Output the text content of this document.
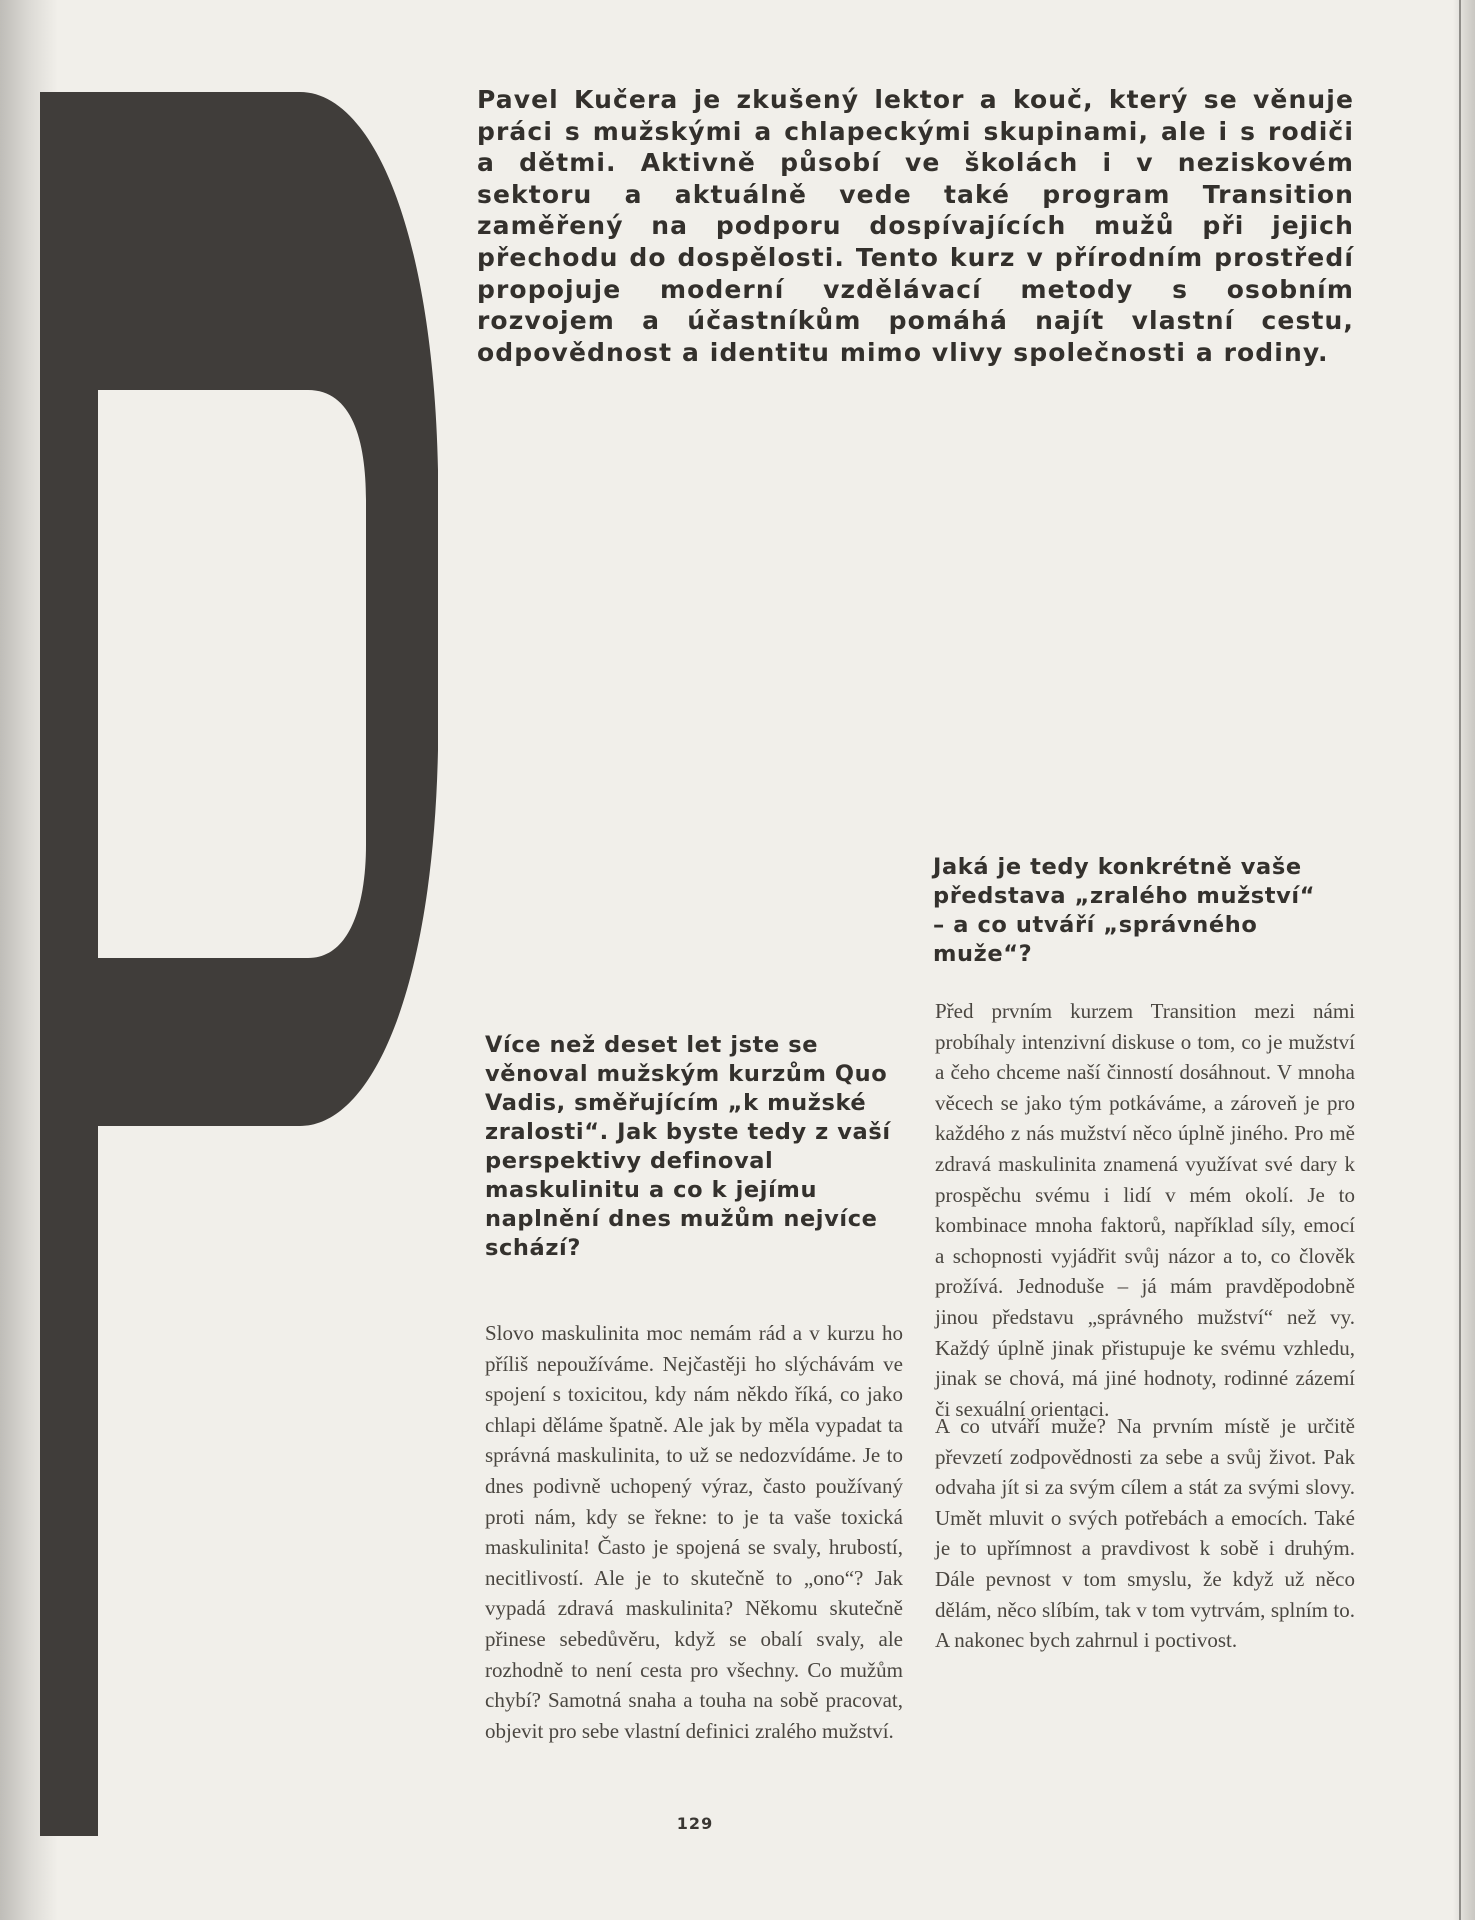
Pavel Kučera je zkušený lektor a kouč, který se věnuje práci s mužskými a chlapeckými skupinami, ale i s rodiči a dětmi. Aktivně působí ve školách i v neziskovém sektoru a aktuálně vede také program Transition zaměřený na podporu dospívajících mužů při jejich přechodu do dospělosti. Tento kurz v přírodním prostředí propojuje moderní vzdělávací metody s osobním rozvojem a účastníkům pomáhá najít vlastní cestu, odpovědnost a identitu mimo vlivy společnosti a rodiny.

Více než deset let jste se věnoval mužským kurzům Quo Vadis, směřujícím „k mužské zralosti“. Jak byste tedy z vaší perspektivy definoval maskulinitu a co k jejímu naplnění dnes mužům nejvíce schází?

Slovo maskulinita moc nemám rád a v kurzu ho příliš nepoužíváme. Nejčastěji ho slýchávám ve spojení s toxicitou, kdy nám někdo říká, co jako chlapi děláme špatně. Ale jak by měla vypadat ta správná maskulinita, to už se nedozvídáme. Je to dnes podivně uchopený výraz, často používaný proti nám, kdy se řekne: to je ta vaše toxická maskulinita! Často je spojená se svaly, hrubostí, necitlivostí. Ale je to skutečně to „ono“? Jak vypadá zdravá maskulinita? Někomu skutečně přinese sebedůvěru, když se obalí svaly, ale rozhodně to není cesta pro všechny. Co mužům chybí? Samotná snaha a touha na sobě pracovat, objevit pro sebe vlastní definici zralého mužství.

Jaká je tedy konkrétně vaše představa „zralého mužství“ – a co utváří „správného muže“?

Před prvním kurzem Transition mezi námi probíhaly intenzivní diskuse o tom, co je mužství a čeho chceme naší činností dosáhnout. V mnoha věcech se jako tým potkáváme, a zároveň je pro každého z nás mužství něco úplně jiného. Pro mě zdravá maskulinita znamená využívat své dary k prospěchu svému i lidí v mém okolí. Je to kombinace mnoha faktorů, například síly, emocí a schopnosti vyjádřit svůj názor a to, co člověk prožívá. Jednoduše – já mám pravděpodobně jinou představu „správného mužství“ než vy. Každý úplně jinak přistupuje ke svému vzhledu, jinak se chová, má jiné hodnoty, rodinné zázemí či sexuální orientaci.

A co utváří muže? Na prvním místě je určitě převzetí zodpovědnosti za sebe a svůj život. Pak odvaha jít si za svým cílem a stát za svými slovy. Umět mluvit o svých potřebách a emocích. Také je to upřímnost a pravdivost k sobě i druhým. Dále pevnost v tom smyslu, že když už něco dělám, něco slíbím, tak v tom vytrvám, splním to. A nakonec bych zahrnul i poctivost.

129
